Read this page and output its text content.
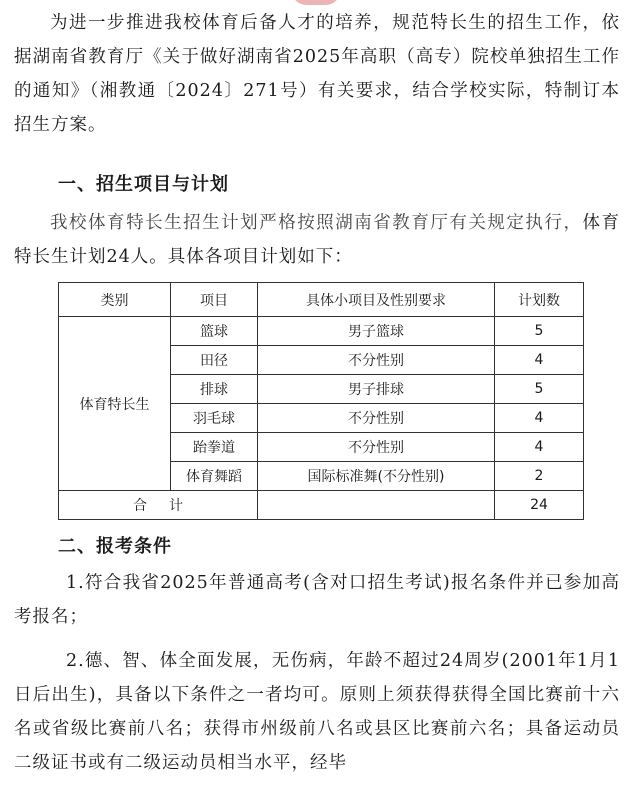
为进一步推进我校体育后备人才的培养，规范特长生的招生工作，依据湖南省教育厅《关于做好湖南省2025年高职（高专）院校单独招生工作的通知》（湘教通〔2024〕271号）有关要求，结合学校实际，特制订本招生方案。

一、招生项目与计划

我校体育特长生招生计划严格按照湖南省教育厅有关规定执行，体育特长生计划24人。具体各项目计划如下：

类别	项目	具体小项目及性别要求	计划数
体育特长生	篮球	男子篮球	5
	田径	不分性别	4
	排球	男子排球	5
	羽毛球	不分性别	4
	跆拳道	不分性别	4
	体育舞蹈	国际标准舞(不分性别)	2
合计			24
二、报考条件

1.符合我省2025年普通高考(含对口招生考试)报名条件并已参加高考报名；

2.德、智、体全面发展，无伤病，年龄不超过24周岁(2001年1月1日后出生)，具备以下条件之一者均可。原则上须获得获得全国比赛前十六名或省级比赛前八名；获得市州级前八名或县区比赛前六名；具备运动员二级证书或有二级运动员相当水平，经毕
